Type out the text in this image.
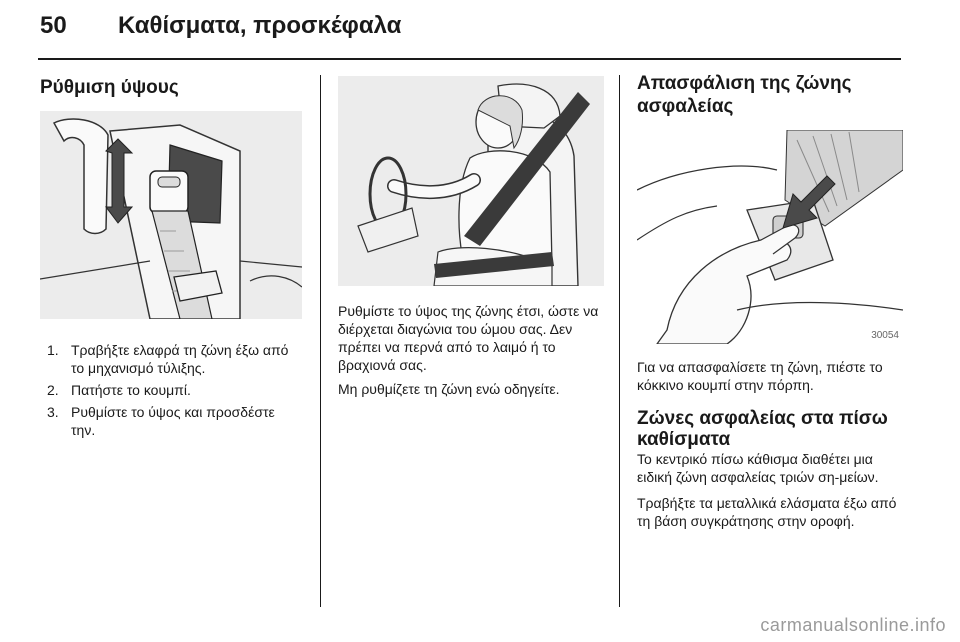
50 Καθίσματα, προσκέφαλα
Ρύθμιση ύψους
1. Τραβήξτε ελαφρά τη ζώνη έξω από το μηχανισμό τύλιξης.
2. Πατήστε το κουμπί.
3. Ρυθμίστε το ύψος και προσδέστε την.

Ρυθμίστε το ύψος της ζώνης έτσι, ώστε να διέρχεται διαγώνια του ώμου σας. Δεν πρέπει να περνά από το λαιμό ή το βραχιονά σας.

Μη ρυθμίζετε τη ζώνη ενώ οδηγείτε.

Απασφάλιση της ζώνης ασφαλείας
30054

Για να απασφαλίσετε τη ζώνη, πιέστε το κόκκινο κουμπί στην πόρπη.

Ζώνες ασφαλείας στα πίσω καθίσματα

Το κεντρικό πίσω κάθισμα διαθέτει μια ειδική ζώνη ασφαλείας τριών ση-μείων.

Τραβήξτε τα μεταλλικά ελάσματα έξω από τη βάση συγκράτησης στην οροφή.

carmanualsonline.info
